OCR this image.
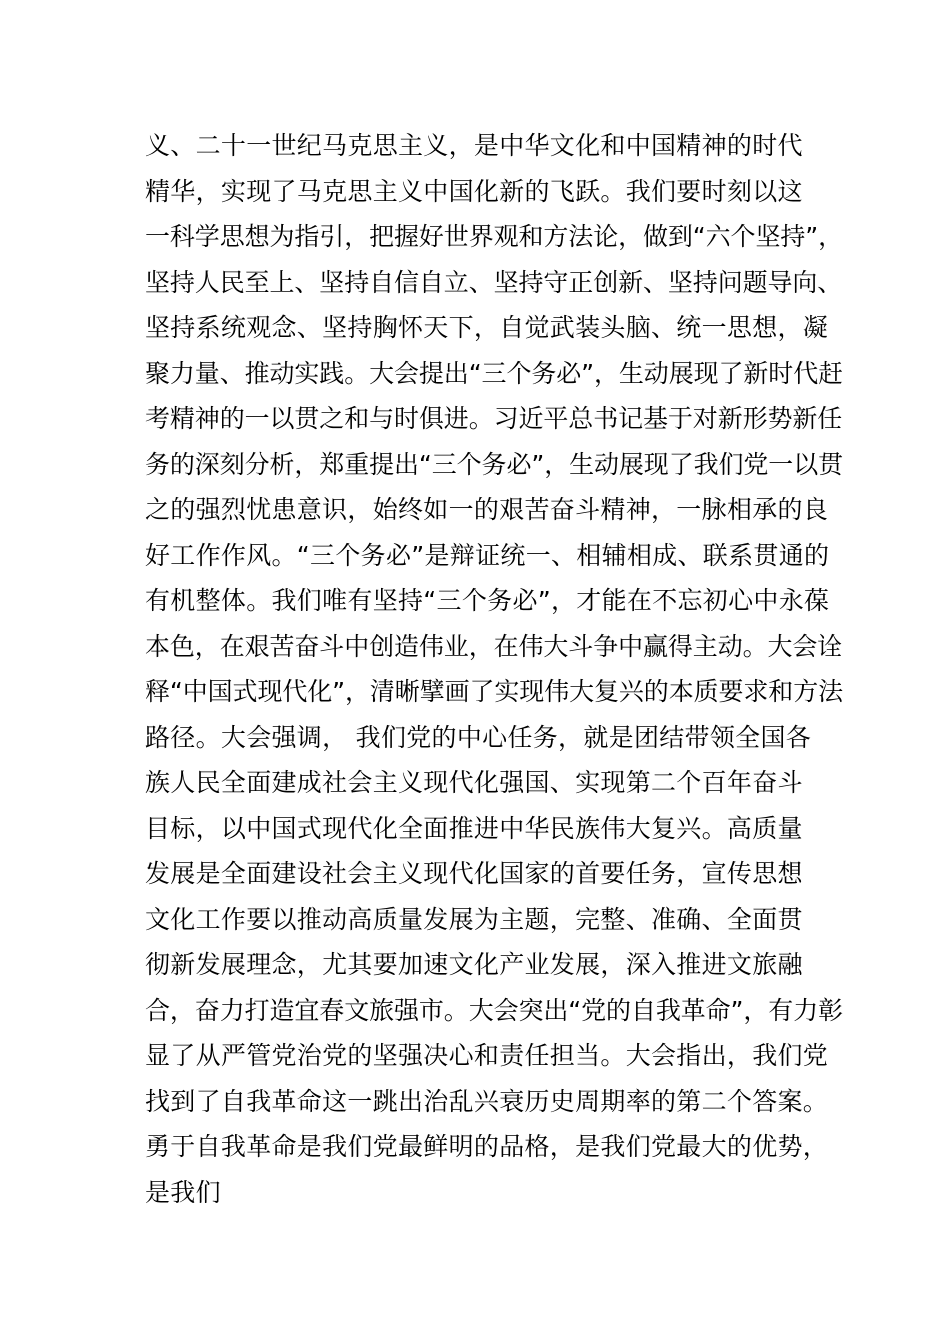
义、二十一世纪马克思主义，是中华文化和中国精神的时代
精华，实现了马克思主义中国化新的飞跃。我们要时刻以这
一科学思想为指引，把握好世界观和方法论，做到“六个坚持”，
坚持人民至上、坚持自信自立、坚持守正创新、坚持问题导向、
坚持系统观念、坚持胸怀天下，自觉武装头脑、统一思想，凝
聚力量、推动实践。大会提出“三个务必”，生动展现了新时代赶
考精神的一以贯之和与时俱进。习近平总书记基于对新形势新任
务的深刻分析，郑重提出“三个务必”，生动展现了我们党一以贯
之的强烈忧患意识，始终如一的艰苦奋斗精神，一脉相承的良
好工作作风。“三个务必”是辩证统一、相辅相成、联系贯通的
有机整体。我们唯有坚持“三个务必”，才能在不忘初心中永葆
本色，在艰苦奋斗中创造伟业，在伟大斗争中赢得主动。大会诠
释“中国式现代化”，清晰擘画了实现伟大复兴的本质要求和方法
路径。大会强调， 我们党的中心任务，就是团结带领全国各
族人民全面建成社会主义现代化强国、实现第二个百年奋斗
目标，以中国式现代化全面推进中华民族伟大复兴。高质量
发展是全面建设社会主义现代化国家的首要任务，宣传思想
文化工作要以推动高质量发展为主题，完整、准确、全面贯
彻新发展理念，尤其要加速文化产业发展，深入推进文旅融
合，奋力打造宜春文旅强市。大会突出“党的自我革命”，有力彰
显了从严管党治党的坚强决心和责任担当。大会指出，我们党
找到了自我革命这一跳出治乱兴衰历史周期率的第二个答案。
勇于自我革命是我们党最鲜明的品格，是我们党最大的优势，
是我们
